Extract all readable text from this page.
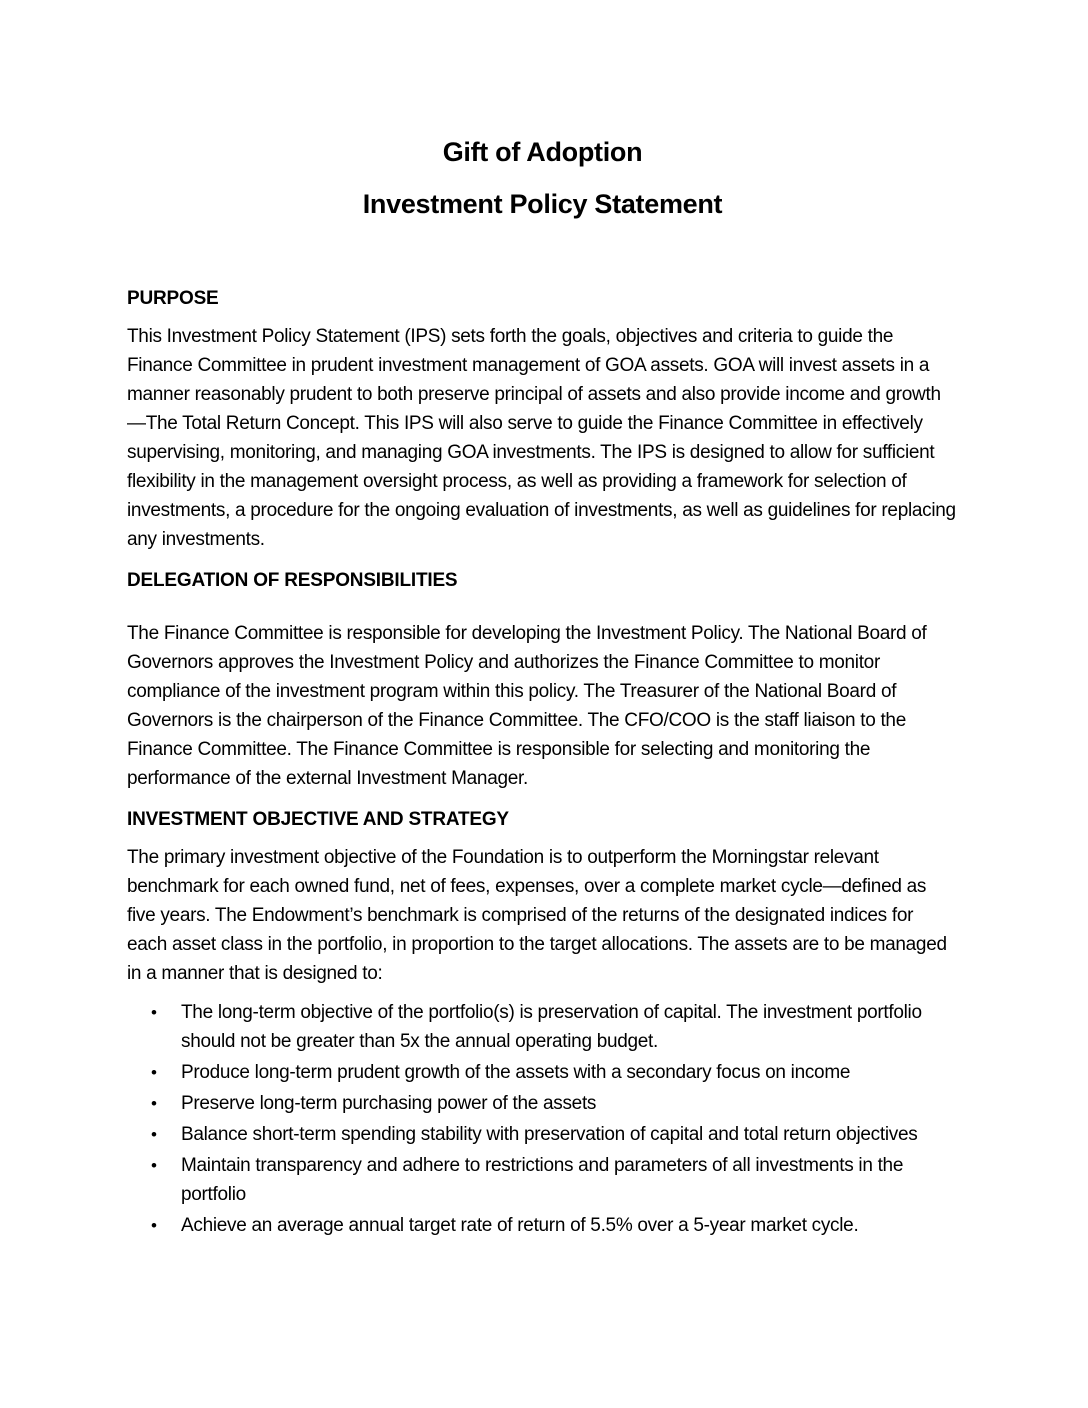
Gift of Adoption
Investment Policy Statement
PURPOSE

This Investment Policy Statement (IPS) sets forth the goals, objectives and criteria to guide the Finance Committee in prudent investment management of GOA assets. GOA will invest assets in a manner reasonably prudent to both preserve principal of assets and also provide income and growth—The Total Return Concept. This IPS will also serve to guide the Finance Committee in effectively supervising, monitoring, and managing GOA investments. The IPS is designed to allow for sufficient flexibility in the management oversight process, as well as providing a framework for selection of investments, a procedure for the ongoing evaluation of investments, as well as guidelines for replacing any investments.

DELEGATION OF RESPONSIBILITIES

The Finance Committee is responsible for developing the Investment Policy. The National Board of Governors approves the Investment Policy and authorizes the Finance Committee to monitor compliance of the investment program within this policy. The Treasurer of the National Board of Governors is the chairperson of the Finance Committee. The CFO/COO is the staff liaison to the Finance Committee. The Finance Committee is responsible for selecting and monitoring the performance of the external Investment Manager.

INVESTMENT OBJECTIVE AND STRATEGY

The primary investment objective of the Foundation is to outperform the Morningstar relevant benchmark for each owned fund, net of fees, expenses, over a complete market cycle—defined as five years. The Endowment’s benchmark is comprised of the returns of the designated indices for each asset class in the portfolio, in proportion to the target allocations. The assets are to be managed in a manner that is designed to:

• The long-term objective of the portfolio(s) is preservation of capital. The investment portfolio should not be greater than 5x the annual operating budget.
• Produce long-term prudent growth of the assets with a secondary focus on income
• Preserve long-term purchasing power of the assets
• Balance short-term spending stability with preservation of capital and total return objectives
• Maintain transparency and adhere to restrictions and parameters of all investments in the portfolio
• Achieve an average annual target rate of return of 5.5% over a 5-year market cycle.
